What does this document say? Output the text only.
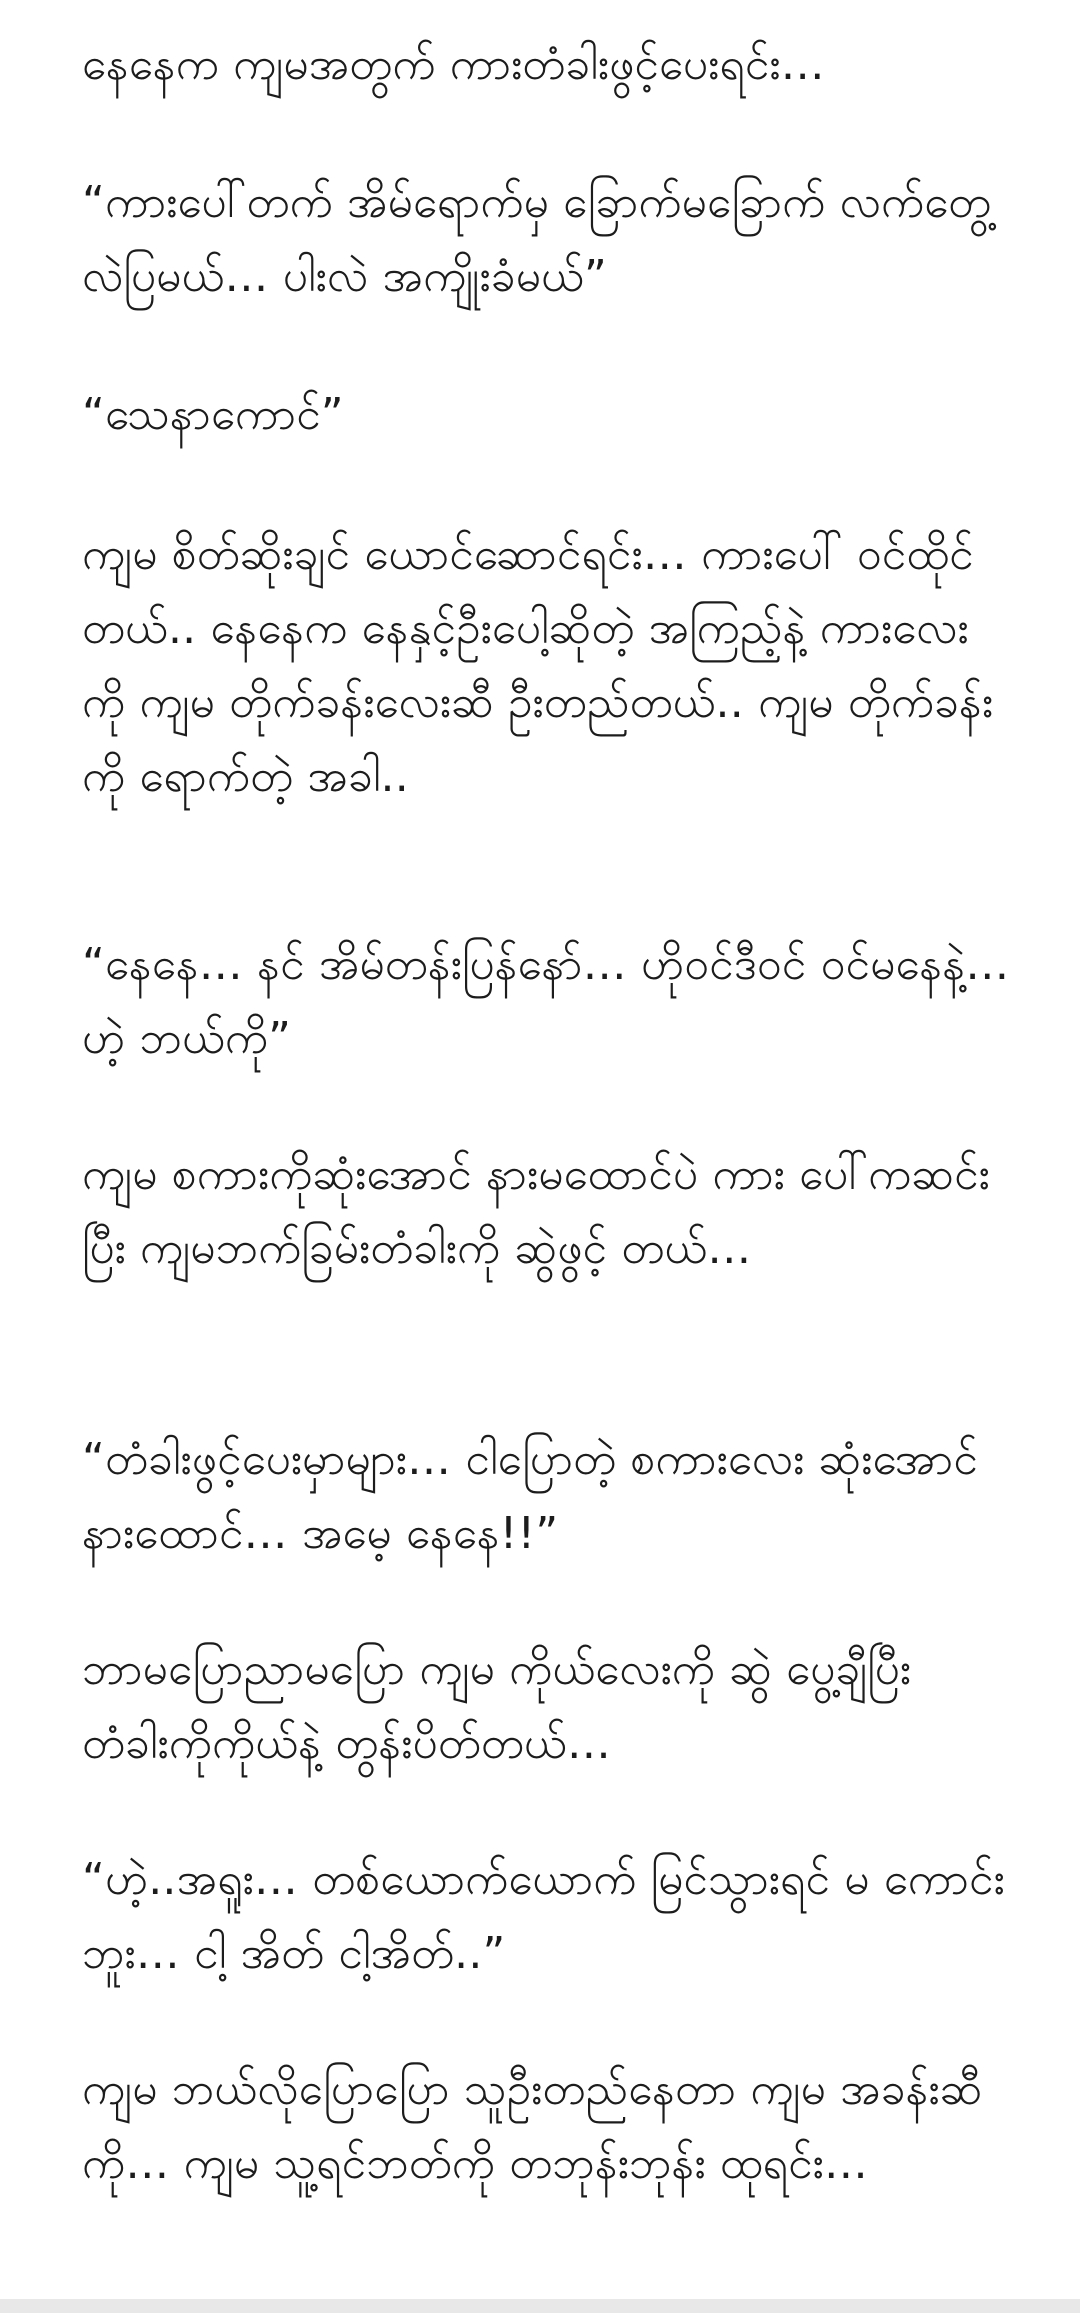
နေနေက ကျမအတွက် ကားတံခါးဖွင့်ပေးရင်း…

“ကားပေါ်တက် အိမ်ရောက်မှ ခြောက်မခြောက် လက်တွေ့လဲပြမယ်… ပါးလဲ အကျိုးခံမယ်”

“သေနာကောင်”

ကျမ စိတ်ဆိုးချင် ယောင်ဆောင်ရင်း… ကားပေါ် ဝင်ထိုင်တယ်.. နေနေက နေနှင့်ဦးပေါ့ဆိုတဲ့ အကြည့်နဲ့ ကားလေးကို ကျမ တိုက်ခန်းလေးဆီ ဦးတည်တယ်.. ကျမ တိုက်ခန်းကို ရောက်တဲ့ အခါ..

“နေနေ… နင် အိမ်တန်းပြန်နော်… ဟိုဝင်ဒီဝင် ဝင်မနေနဲ့… ဟဲ့ ဘယ်ကို”

ကျမ စကားကိုဆုံးအောင် နားမထောင်ပဲ ကား ပေါ်ကဆင်းပြီး ကျမဘက်ခြမ်းတံခါးကို ဆွဲဖွင့် တယ်…

“တံခါးဖွင့်ပေးမှာများ… ငါပြောတဲ့ စကားလေး ဆုံးအောင် နားထောင်… အမေ့ နေနေ!!”

ဘာမပြောညာမပြော ကျမ ကိုယ်လေးကို ဆွဲ ပွေ့ချီပြီး တံခါးကိုကိုယ်နဲ့ တွန်းပိတ်တယ်…

“ဟဲ့..အရူး… တစ်ယောက်ယောက် မြင်သွားရင် မ ကောင်းဘူး… ငါ့ အိတ် ငါ့အိတ်..”

ကျမ ဘယ်လိုပြောပြော သူဦးတည်နေတာ ကျမ အခန်းဆီကို… ကျမ သူ့ရင်ဘတ်ကို တဘုန်းဘုန်း ထုရင်း…
